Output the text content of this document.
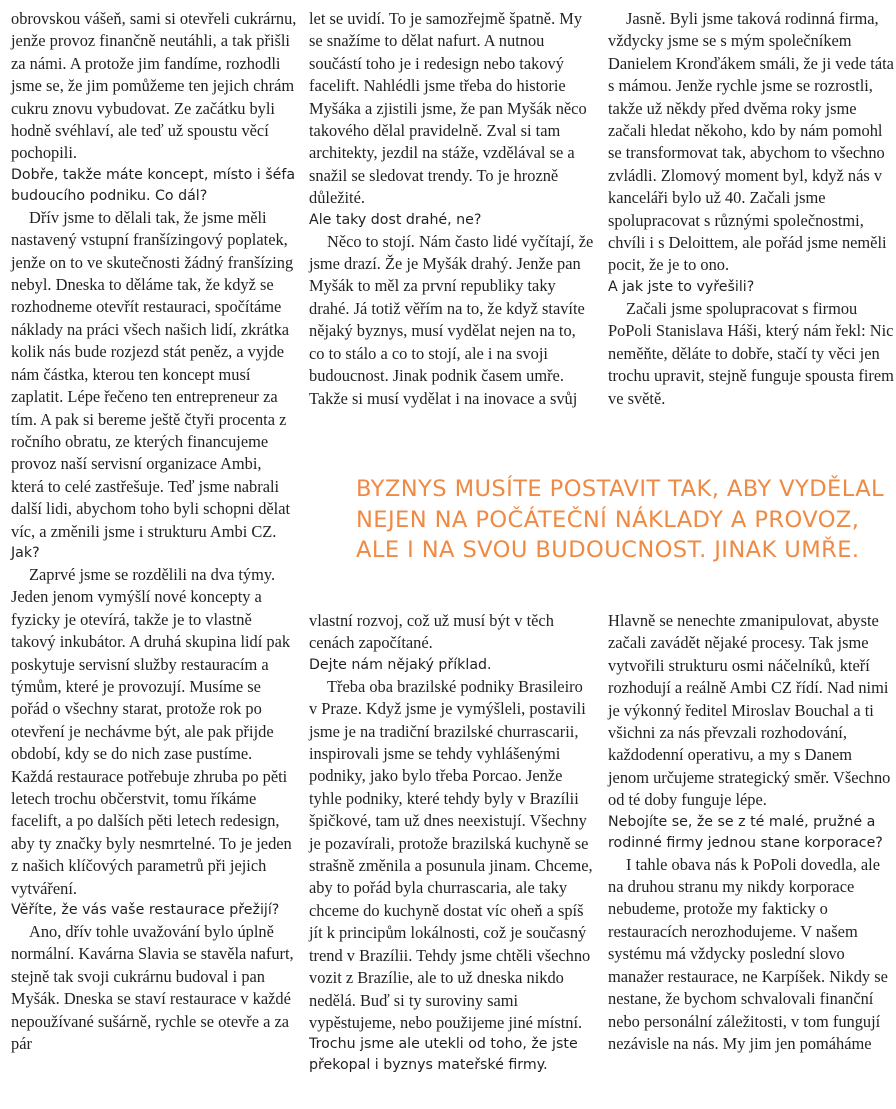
obrovskou vášeň, sami si otevřeli cukrárnu, jenže provoz finančně neutáhli, a tak přišli za námi. A protože jim fandíme, rozhodli jsme se, že jim pomůžeme ten jejich chrám cukru znovu vybudovat. Ze začátku byli hodně svéhlaví, ale teď už spoustu věcí pochopili.

Dobře, takže máte koncept, místo i šéfa budoucího podniku. Co dál?

Dřív jsme to dělali tak, že jsme měli nastavený vstupní franšízingový poplatek, jenže on to ve skutečnosti žádný franšízing nebyl. Dneska to děláme tak, že když se rozhodneme otevřít restauraci, spočítáme náklady na práci všech našich lidí, zkrátka kolik nás bude rozjezd stát peněz, a vyjde nám částka, kterou ten koncept musí zaplatit. Lépe řečeno ten entrepreneur za tím. A pak si bereme ještě čtyři procenta z ročního obratu, ze kterých financujeme provoz naší servisní organizace Ambi, která to celé zastřešuje. Teď jsme nabrali další lidi, abychom toho byli schopni dělat víc, a změnili jsme i strukturu Ambi CZ.

Jak?

Zaprvé jsme se rozdělili na dva týmy. Jeden jenom vymýšlí nové koncepty a fyzicky je otevírá, takže je to vlastně takový inkubátor. A druhá skupina lidí pak poskytuje servisní služby restauracím a týmům, které je provozují. Musíme se pořád o všechny starat, protože rok po otevření je nechávme být, ale pak přijde období, kdy se do nich zase pustíme. Každá restaurace potřebuje zhruba po pěti letech trochu občerstvit, tomu říkáme facelift, a po dalších pěti letech redesign, aby ty značky byly nesmrtelné. To je jeden z našich klíčových parametrů při jejich vytváření.

Věříte, že vás vaše restaurace přežijí?

Ano, dřív tohle uvažování bylo úplně normální. Kavárna Slavia se stavěla nafurt, stejně tak svoji cukrárnu budoval i pan Myšák. Dneska se staví restaurace v každé nepoužívané sušárně, rychle se otevře a za pár

let se uvidí. To je samozřejmě špatně. My se snažíme to dělat nafurt. A nutnou součástí toho je i redesign nebo takový facelift. Nahlédli jsme třeba do historie Myšáka a zjistili jsme, že pan Myšák něco takového dělal pravidelně. Zval si tam architekty, jezdil na stáže, vzdělával se a snažil se sledovat trendy. To je hrozně důležité.

Ale taky dost drahé, ne?

Něco to stojí. Nám často lidé vyčítají, že jsme drazí. Že je Myšák drahý. Jenže pan Myšák to měl za první republiky taky drahé. Já totiž věřím na to, že když stavíte nějaký byznys, musí vydělat nejen na to, co to stálo a co to stojí, ale i na svoji budoucnost. Jinak podnik časem umře. Takže si musí vydělat i na inovace a svůj

Jasně. Byli jsme taková rodinná firma, vždycky jsme se s mým společníkem Danielem Kronďákem smáli, že ji vede táta s mámou. Jenže rychle jsme se rozrostli, takže už někdy před dvěma roky jsme začali hledat někoho, kdo by nám pomohl se transformovat tak, abychom to všechno zvládli. Zlomový moment byl, když nás v kanceláři bylo už 40. Začali jsme spolupracovat s různými společnostmi, chvíli i s Deloittem, ale pořád jsme neměli pocit, že je to ono.

A jak jste to vyřešili?

Začali jsme spolupracovat s firmou PoPoli Stanislava Háši, který nám řekl: Nic neměňte, děláte to dobře, stačí ty věci jen trochu upravit, stejně funguje spousta firem ve světě.

vlastní rozvoj, což už musí být v těch cenách započítané.

Dejte nám nějaký příklad.

Třeba oba brazilské podniky Brasileiro v Praze. Když jsme je vymýšleli, postavili jsme je na tradiční brazilské churrascarii, inspirovali jsme se tehdy vyhlášenými podniky, jako bylo třeba Porcao. Jenže tyhle podniky, které tehdy byly v Brazílii špičkové, tam už dnes neexistují. Všechny je pozavírali, protože brazilská kuchyně se strašně změnila a posunula jinam. Chceme, aby to pořád byla churrascaria, ale taky chceme do kuchyně dostat víc oheň a spíš jít k principům lokálnosti, což je současný trend v Brazílii. Tehdy jsme chtěli všechno vozit z Brazílie, ale to už dneska nikdo nedělá. Buď si ty suroviny sami vypěstujeme, nebo použijeme jiné místní.

Trochu jsme ale utekli od toho, že jste překopal i byznys mateřské firmy.

Hlavně se nenechte zmanipulovat, abyste začali zavádět nějaké procesy. Tak jsme vytvořili strukturu osmi náčelníků, kteří rozhodují a reálně Ambi CZ řídí. Nad nimi je výkonný ředitel Miroslav Bouchal a ti všichni za nás převzali rozhodování, každodenní operativu, a my s Danem jenom určujeme strategický směr. Všechno od té doby funguje lépe.

Nebojíte se, že se z té malé, pružné a rodinné firmy jednou stane korporace?

I tahle obava nás k PoPoli dovedla, ale na druhou stranu my nikdy korporace nebudeme, protože my fakticky o restauracích nerozhodujeme. V našem systému má vždycky poslední slovo manažer restaurace, ne Karpíšek. Nikdy se nestane, že bychom schvalovali finanční nebo personální záležitosti, v tom fungují nezávisle na nás. My jim jen pomáháme

BYZNYS MUSÍTE POSTAVIT TAK, ABY VYDĚLAL NEJEN NA POČÁTEČNÍ NÁKLADY A PROVOZ, ALE I NA SVOU BUDOUCNOST. JINAK UMŘE.
